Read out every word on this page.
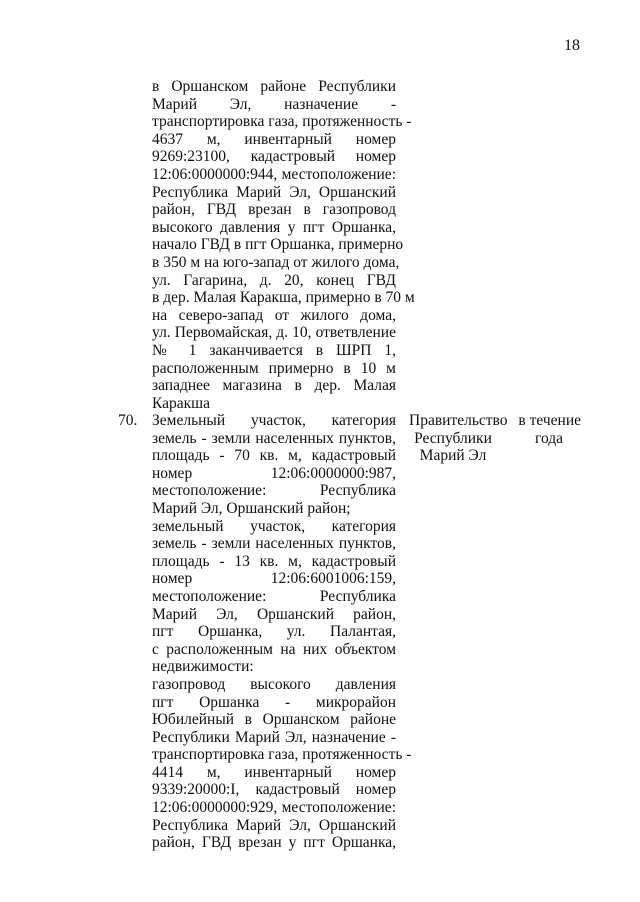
18
в Оршанском районе Республики
Марий Эл, назначение -
транспортировка газа, протяженность -
4637 м, инвентарный номер
9269:23100, кадастровый номер
12:06:0000000:944, местоположение:
Республика Марий Эл, Оршанский
район, ГВД врезан в газопровод
высокого давления у пгт Оршанка,
начало ГВД в пгт Оршанка, примерно
в 350 м на юго-запад от жилого дома,
ул. Гагарина, д. 20, конец ГВД
в дер. Малая Каракша, примерно в 70 м
на северо-запад от жилого дома,
ул. Первомайская, д. 10, ответвление
№ 1 заканчивается в ШРП 1,
расположенным примерно в 10 м
западнее магазина в дер. Малая
Каракша
70. Земельный участок, категория
земель - земли населенных пунктов,
площадь - 70 кв. м, кадастровый
номер 12:06:0000000:987,
местоположение: Республика
Марий Эл, Оршанский район;
земельный участок, категория
земель - земли населенных пунктов,
площадь - 13 кв. м, кадастровый
номер 12:06:6001006:159,
местоположение: Республика
Марий Эл, Оршанский район,
пгт Оршанка, ул. Палантая,
с расположенным на них объектом
недвижимости:
газопровод высокого давления
пгт Оршанка - микрорайон
Юбилейный в Оршанском районе
Республики Марий Эл, назначение -
транспортировка газа, протяженность -
4414 м, инвентарный номер
9339:20000:I, кадастровый номер
12:06:0000000:929, местоположение:
Республика Марий Эл, Оршанский
район, ГВД врезан у пгт Оршанка,
Правительство
Республики
Марий Эл
в течение
года
